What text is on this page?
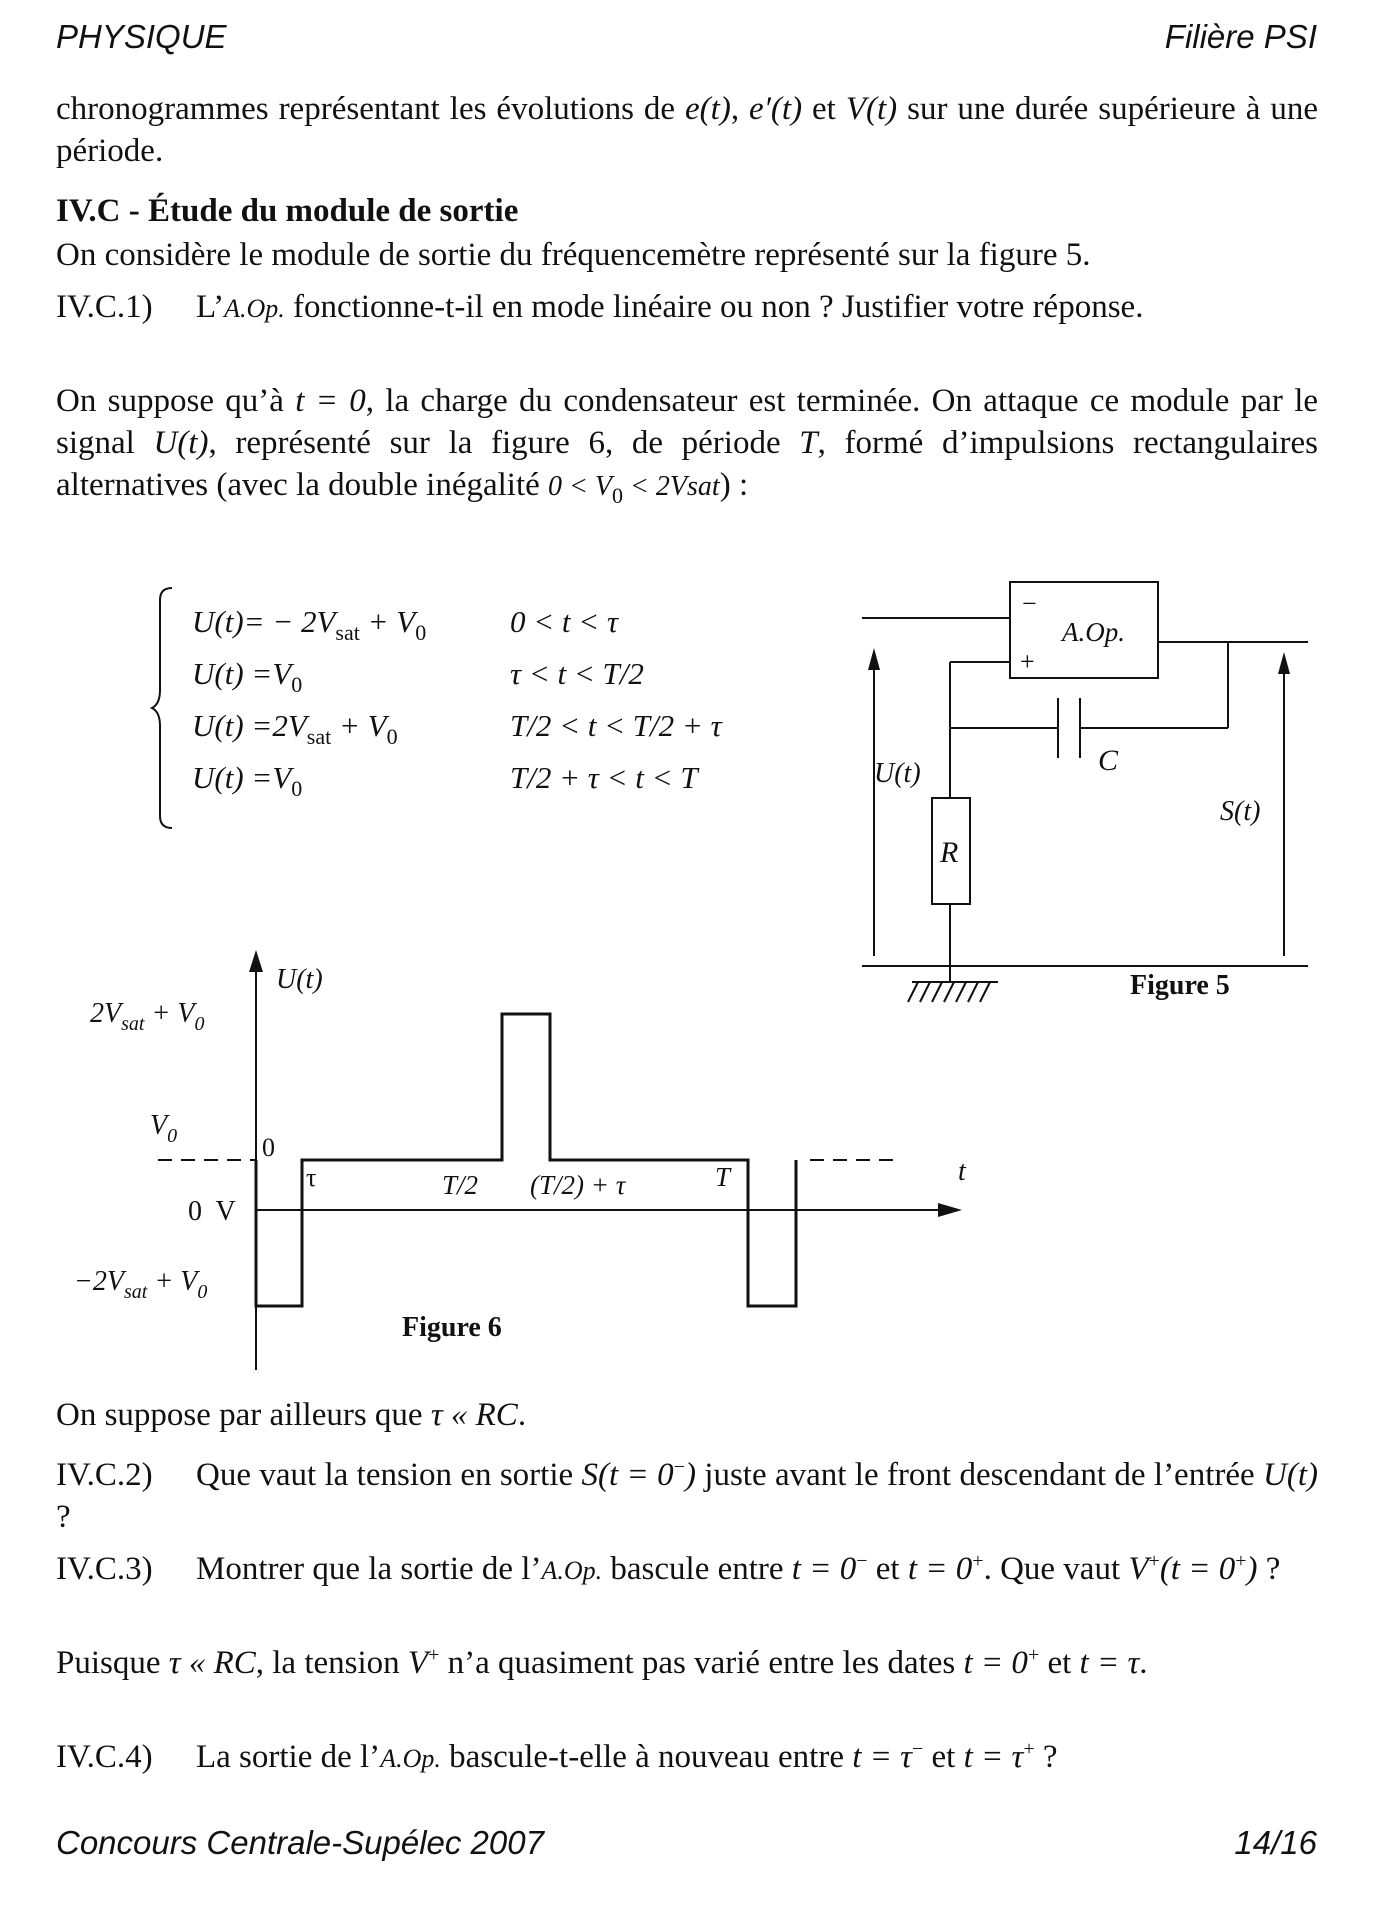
PHYSIQUE	Filière PSI
chronogrammes représentant les évolutions de e(t), e′(t) et V(t) sur une durée supérieure à une période.
IV.C - Étude du module de sortie
On considère le module de sortie du fréquencemètre représenté sur la figure 5.
IV.C.1) L’A.Op. fonctionne-t-il en mode linéaire ou non ? Justifier votre réponse.
On suppose qu’à t = 0, la charge du condensateur est terminée. On attaque ce module par le signal U(t), représenté sur la figure 6, de période T, formé d’impulsions rectangulaires alternatives (avec la double inégalité $0 < V_0$ < 2Vsat) :
$U(t)= - 2V_{sat} + V_0$	0 < t < τ
$U(t) =V_0$	τ < t < T/2
$U(t) =2V_{sat} + V_0$	T/2 < t < T/2 + τ
$U(t) =V_0$	T/2 + τ < t < T
−
+
A.Op.
C
R
U(t)
S(t)
Figure 5
U(t)
t
$2V_{sat} + V_0$
$V_0$
0  V
$-2V_{sat} + V_0$
0
τ	T/2 (T/2) + τ	T
Figure 6
On suppose par ailleurs que τ « RC.
IV.C.2) Que vaut la tension en sortie S(t = 0−) juste avant le front descendant de l’entrée U(t) ?
IV.C.3) Montrer que la sortie de l’A.Op. bascule entre t = 0− et t = 0+. Que vaut V+(t = 0+) ?
Puisque τ « RC, la tension V+ n’a quasiment pas varié entre les dates t = 0+ et t = τ.
IV.C.4) La sortie de l’A.Op. bascule-t-elle à nouveau entre t = τ− et t = τ+ ?
Concours Centrale-Supélec 2007	14/16
